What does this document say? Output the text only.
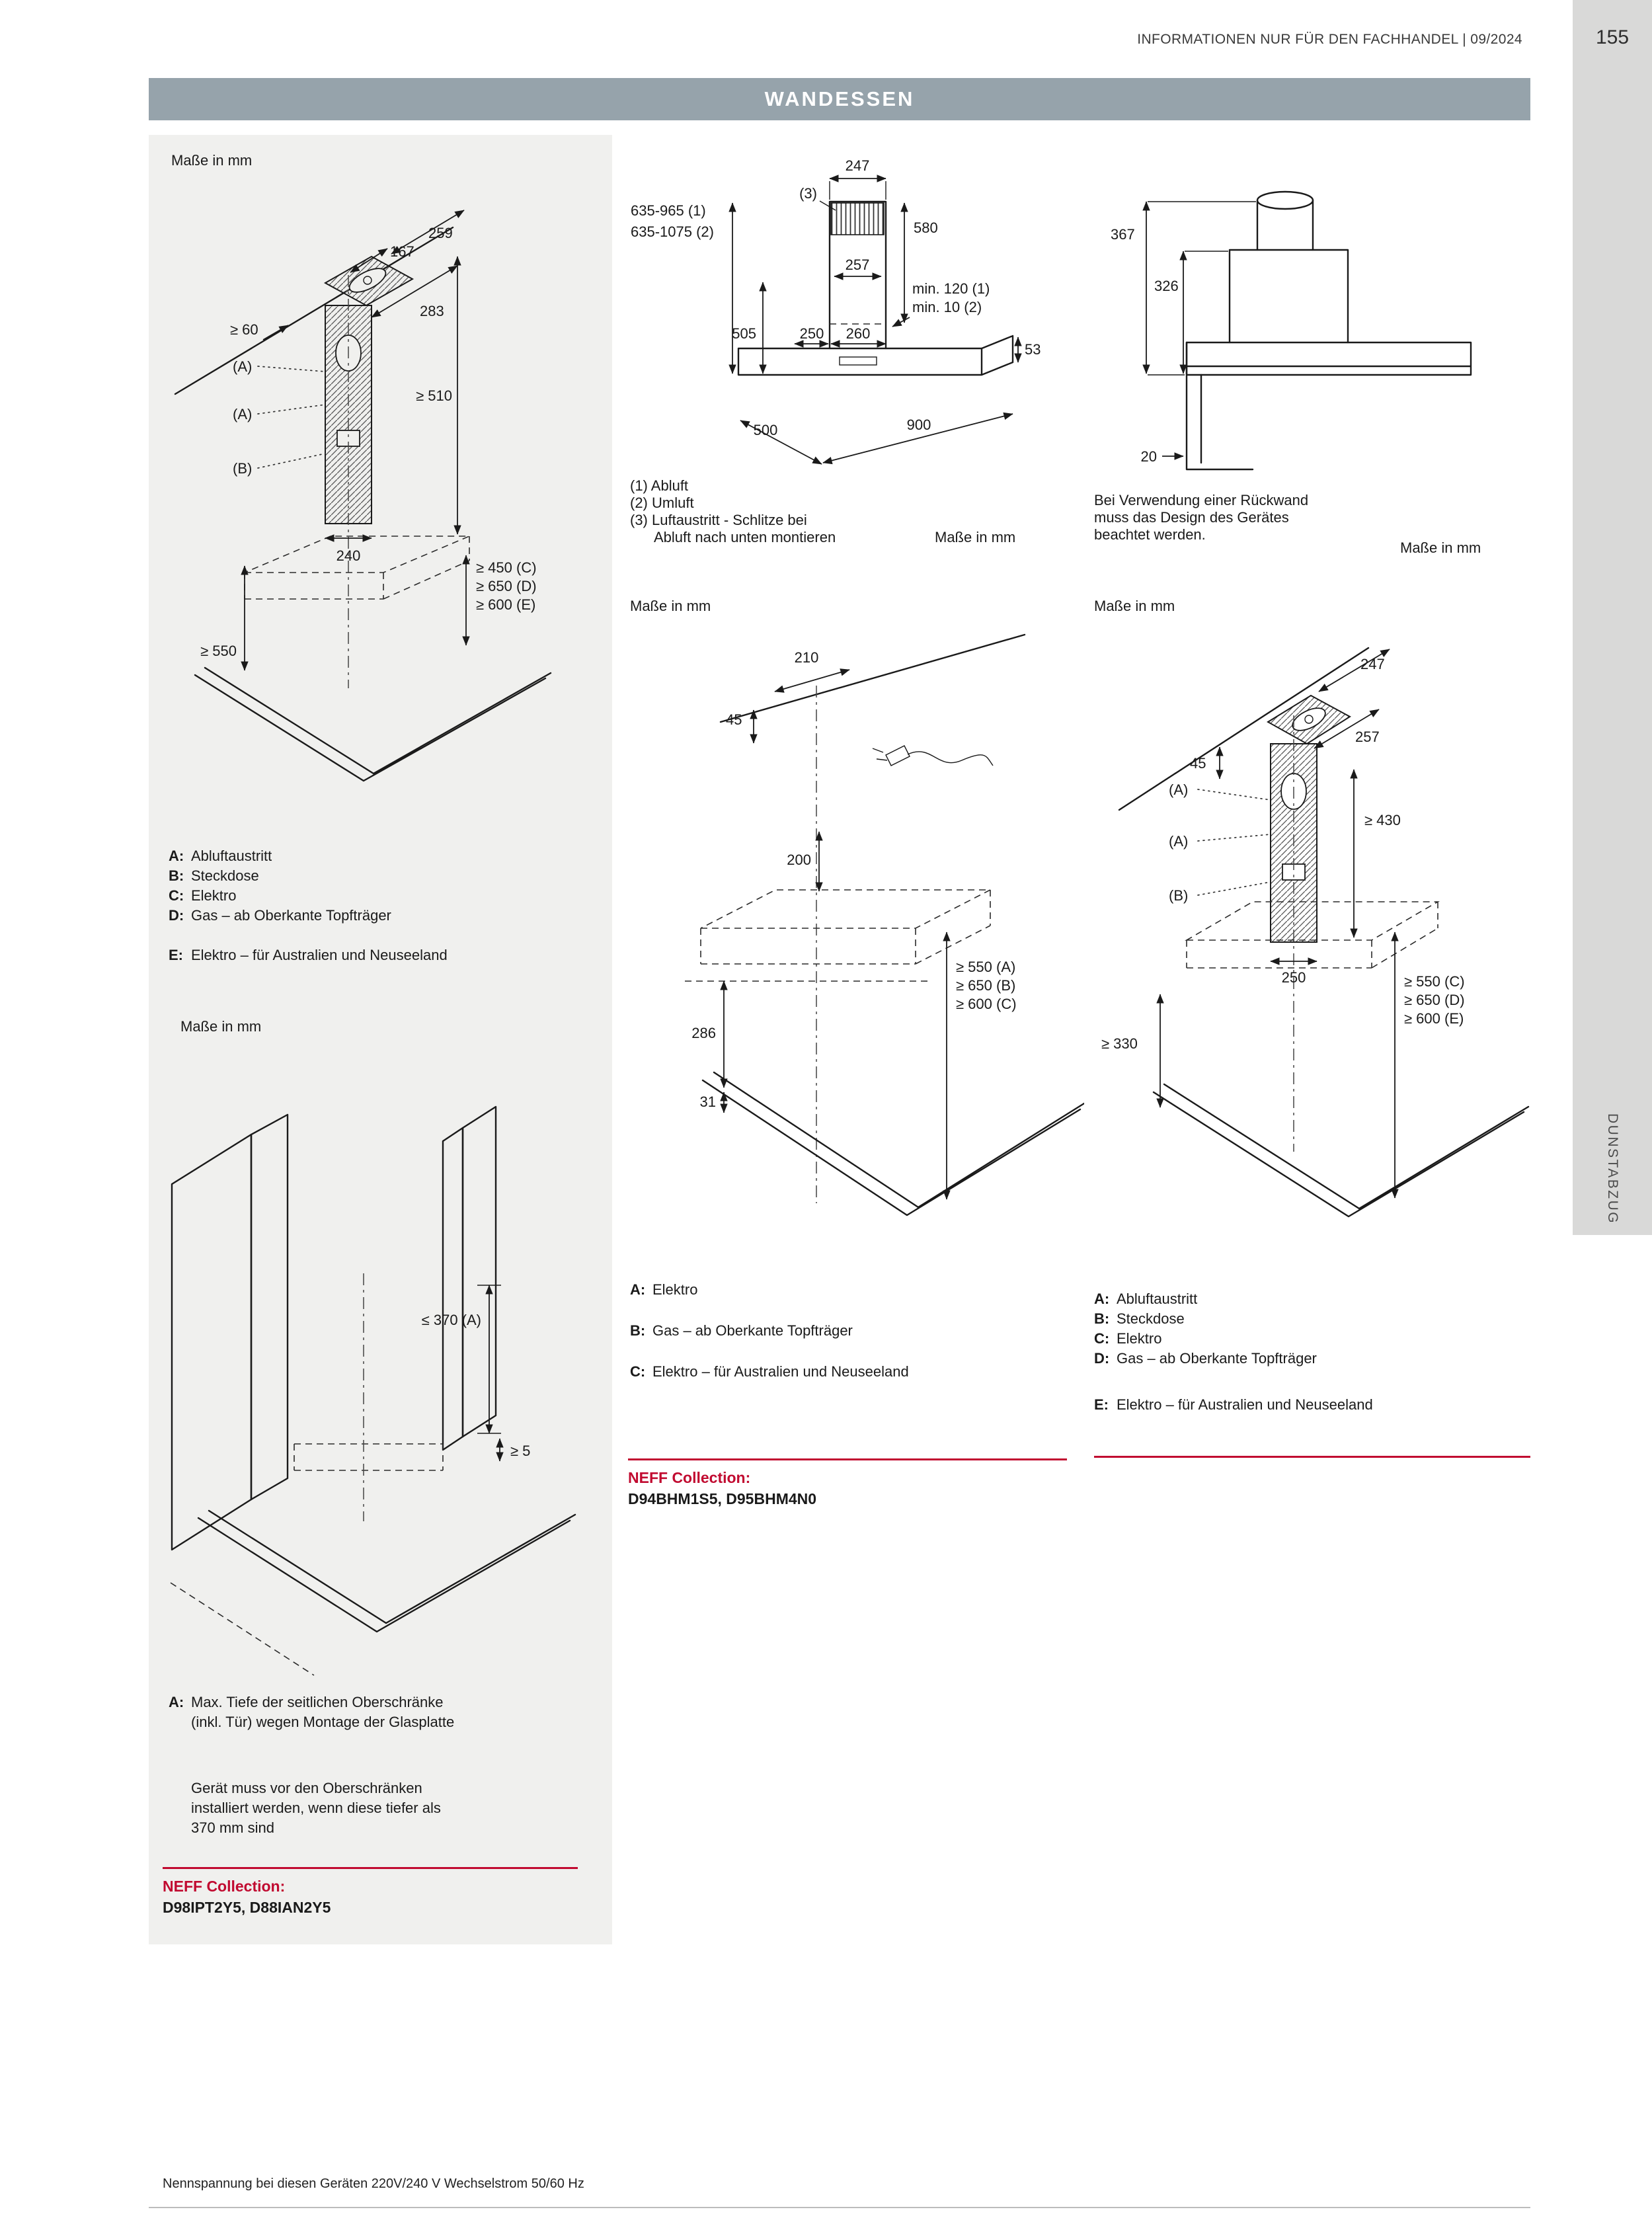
INFORMATIONEN NUR FÜR DEN FACHHANDEL | 09/2024	155
DUNSTABZUG
WANDESSEN
Maße in mm
259
167
283
≥ 60
(A)
(A)
(B)
≥ 510
240
≥ 450 (C)
≥ 650 (D)
≥ 600 (E)
≥ 550
A: Abluftaustritt
B: Steckdose
C: Elektro
D: Gas – ab Oberkante Topfträger
E: Elektro – für Australien und Neuseeland
Maße in mm
≤ 370 (A)
≥ 5
A: Max. Tiefe der seitlichen Oberschränke
(inkl. Tür) wegen Montage der Glasplatte
Gerät muss vor den Oberschränken
installiert werden, wenn diese tiefer als
370 mm sind
NEFF Collection:
D98IPT2Y5, D88IAN2Y5
247
(3)
635-965 (1)
635-1075 (2)	580
257
505
min. 120 (1)
min. 10 (2)
250 260
53
900
500
(1) Abluft
(2) Umluft
(3) Luftaustritt - Schlitze bei
Abluft nach unten montieren	Maße in mm
Maße in mm
210
45
200
286
31
≥ 550 (A)
≥ 650 (B)
≥ 600 (C)
A: Elektro
B: Gas – ab Oberkante Topfträger
C: Elektro – für Australien und Neuseeland
NEFF Collection:
D94BHM1S5, D95BHM4N0
367
326
20
Bei Verwendung einer Rückwand
muss das Design des Gerätes
beachtet werden.
Maße in mm
Maße in mm
247
257
45
(A)
(A)
(B)
≥ 430
250
≥ 330
≥ 550 (C)
≥ 650 (D)
≥ 600 (E)
A: Abluftaustritt
B: Steckdose
C: Elektro
D: Gas – ab Oberkante Topfträger
E: Elektro – für Australien und Neuseeland
Nennspannung bei diesen Geräten 220V/240 V Wechselstrom 50/60 Hz
